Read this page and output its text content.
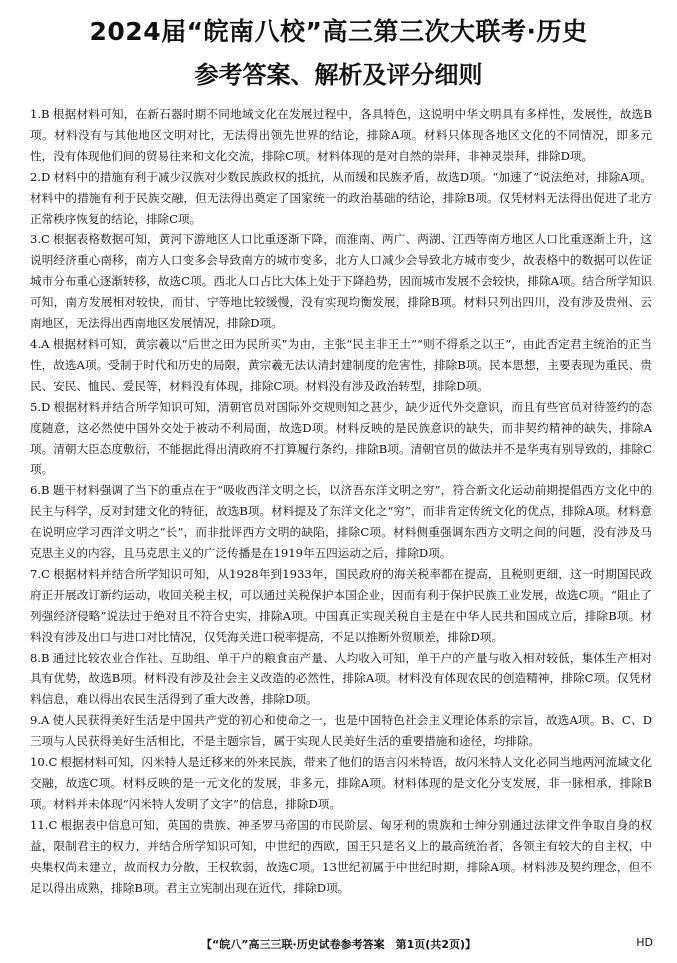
2024届“皖南八校”高三第三次大联考·历史
参考答案、解析及评分细则

1.B 根据材料可知，在新石器时期不同地域文化在发展过程中，各具特色，这说明中华文明具有多样性，发展性，故选B项。材料没有与其他地区文明对比，无法得出领先世界的结论，排除A项。材料只体现各地区文化的不同情况，即多元性，没有体现他们间的贸易往来和文化交流，排除C项。材料体现的是对自然的崇拜，非神灵崇拜，排除D项。

2.D 材料中的措施有利于减少汉族对少数民族政权的抵抗，从而缓和民族矛盾，故选D项。“加速了”说法绝对，排除A项。材料中的措施有利于民族交融，但无法得出奠定了国家统一的政治基础的结论，排除B项。仅凭材料无法得出促进了北方正常秩序恢复的结论，排除C项。

3.C 根据表格数据可知，黄河下游地区人口比重逐渐下降，而淮南、两广、两湖、江西等南方地区人口比重逐渐上升，这说明经济重心南移，南方人口变多会导致南方的城市变多，北方人口减少会导致北方城市变少，故表格中的数据可以佐证城市分布重心逐渐转移，故选C项。西北人口占比大体上处于下降趋势，因而城市发展不会较快，排除A项。结合所学知识可知，南方发展相对较快，而甘、宁等地比较缓慢，没有实现均衡发展，排除B项。材料只列出四川，没有涉及贵州、云南地区，无法得出西南地区发展情况，排除D项。

4.A 根据材料可知，黄宗羲以“后世之田为民所买”为由，主张“民主非王土”“则不得系之以王”，由此否定君主统治的正当性，故选A项。受制于时代和历史的局限，黄宗羲无法认清封建制度的危害性，排除B项。民本思想，主要表现为重民、贵民、安民、恤民、爱民等，材料没有体现，排除C项。材料没有涉及政治转型，排除D项。

5.D 根据材料并结合所学知识可知，清朝官员对国际外交规则知之甚少，缺少近代外交意识，而且有些官员对待签约的态度随意，这必然使中国外交处于被动不利局面，故选D项。材料反映的是民族意识的缺失，而非契约精神的缺失，排除A项。清朝大臣态度敷衍，不能据此得出清政府不打算履行条约，排除B项。清朝官员的做法并不是华夷有别导致的，排除C项。

6.B 题干材料强调了当下的重点在于“吸收西洋文明之长，以济吾东洋文明之穷”，符合新文化运动前期提倡西方文化中的民主与科学，反对封建文化的特征，故选B项。材料提及了东洋文化之“穷”，而非肯定传统文化的优点，排除A项。材料意在说明应学习西洋文明之“长”，而非批评西方文明的缺陷，排除C项。材料侧重强调东西方文明之间的问题，没有涉及马克思主义的内容，且马克思主义的广泛传播是在1919年五四运动之后，排除D项。

7.C 根据材料并结合所学知识可知，从1928年到1933年，国民政府的海关税率都在提高，且税则更细，这一时期国民政府正开展改订新约运动，收回关税主权，可以通过关税保护本国企业，因而有利于保护民族工业发展，故选C项。“阻止了列强经济侵略”说法过于绝对且不符合史实，排除A项。中国真正实现关税自主是在中华人民共和国成立后，排除B项。材料没有涉及出口与进口对比情况，仅凭海关进口税率提高，不足以推断外贸顺差，排除D项。

8.B 通过比较农业合作社、互助组、单干户的粮食亩产量、人均收入可知，单干户的产量与收入相对较低，集体生产相对具有优势，故选B项。材料没有涉及社会主义改造的必然性，排除A项。材料没有体现农民的创造精神，排除C项。仅凭材料信息，难以得出农民生活得到了重大改善，排除D项。

9.A 使人民获得美好生活是中国共产党的初心和使命之一，也是中国特色社会主义理论体系的宗旨，故选A项。B、C、D三项与人民获得美好生活相比，不是主题宗旨，属于实现人民美好生活的重要措施和途径，均排除。

10.C 根据材料可知，闪米特人是迁移来的外来民族，带来了他们的语言闪米特语，故闪米特人文化必同当地两河流域文化交融，故选C项。材料反映的是一元文化的发展，非多元，排除A项。材料体现的是文化分支发展，非一脉相承，排除B项。材料并未体现“闪米特人发明了文字”的信息，排除D项。

11.C 根据表中信息可知，英国的贵族、神圣罗马帝国的市民阶层、匈牙利的贵族和士绅分别通过法律文件争取自身的权益，限制君主的权力，并结合所学知识可知，中世纪的西欧，国王只是名义上的最高统治者，各领主有较大的自主权，中央集权尚未建立，故而权力分散，王权软弱，故选C项。13世纪初属于中世纪时期，排除A项。材料涉及契约理念，但不足以得出成熟，排除B项。君主立宪制出现在近代，排除D项。

【“皖八”高三三联·历史试卷参考答案　第1页(共2页)】	HD
